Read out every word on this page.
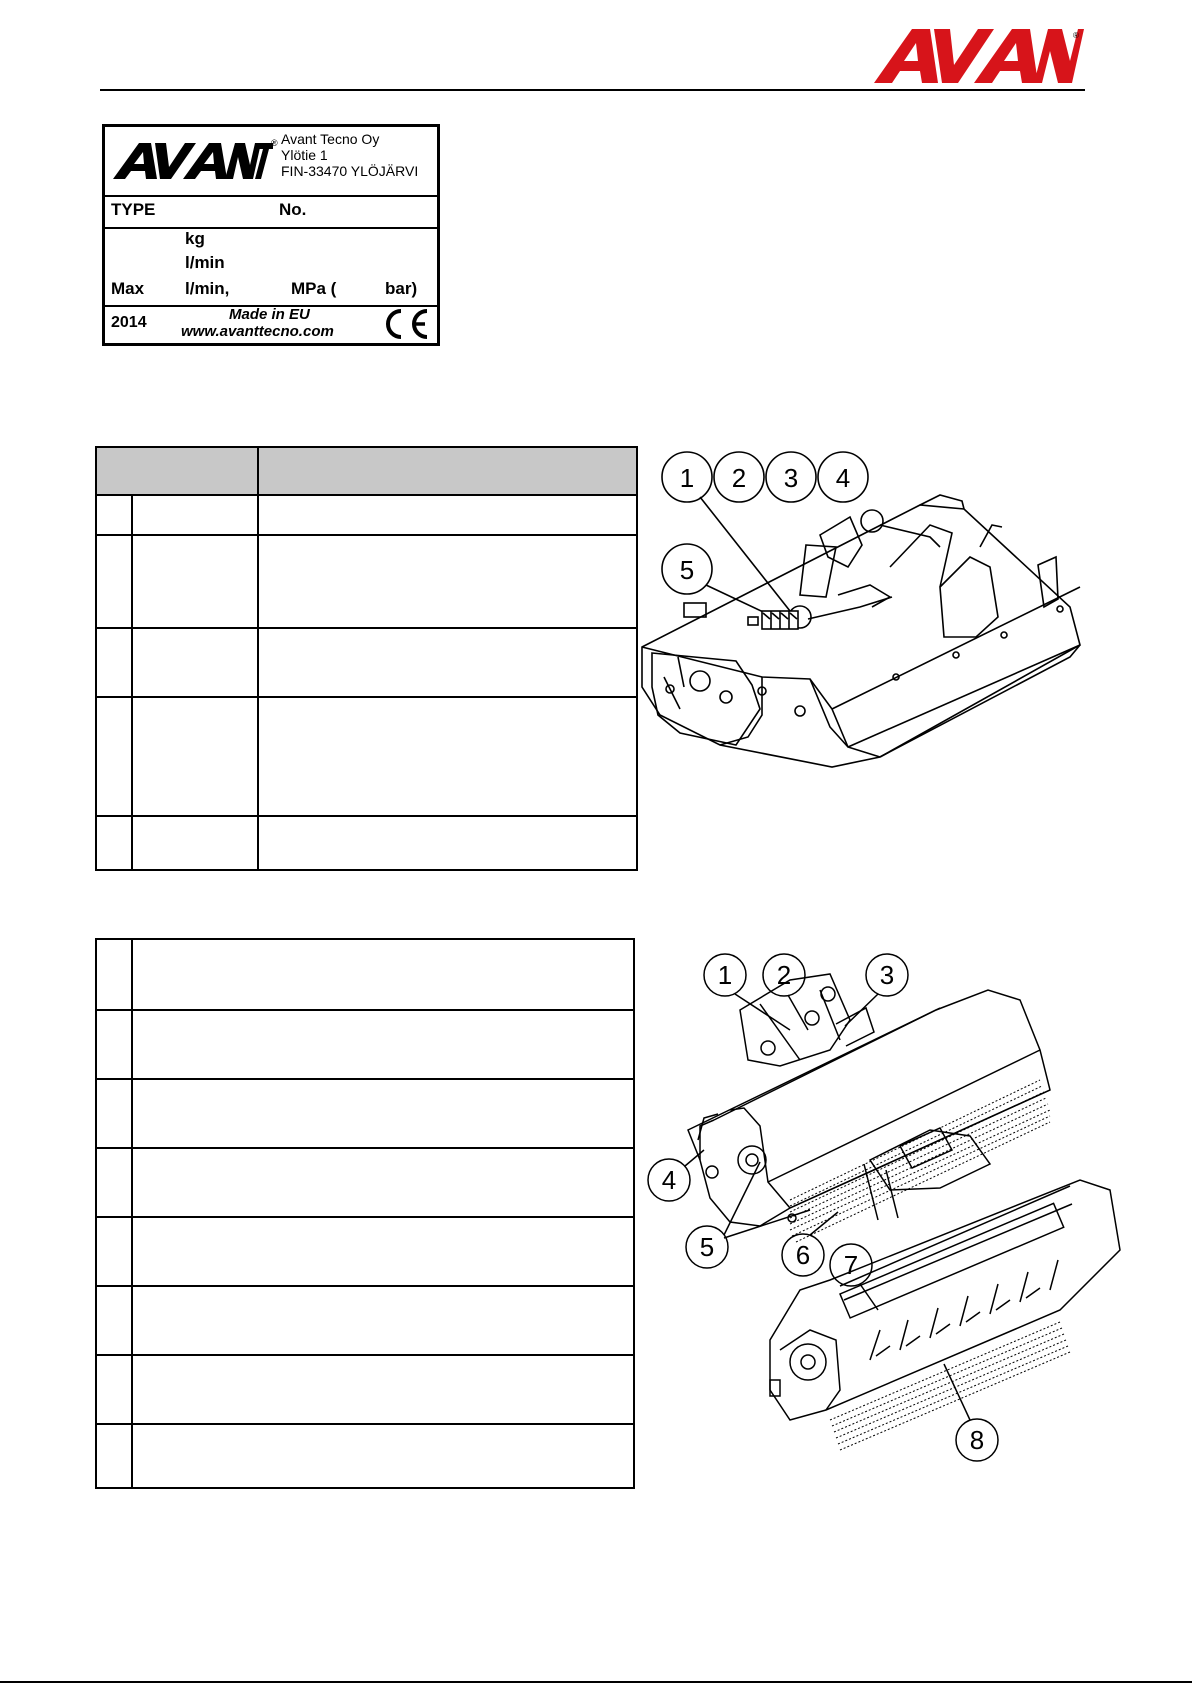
®
® Avant Tecno Oy
Ylötie 1
FIN-33470 YLÖJÄRVI
TYPE	No.
kg
l/min
Max l/min,	MPa (	bar)
2014	Made in EU
www.avanttecno.com
1 2 3 4
5
1 2	3
4
5	6 7
8
